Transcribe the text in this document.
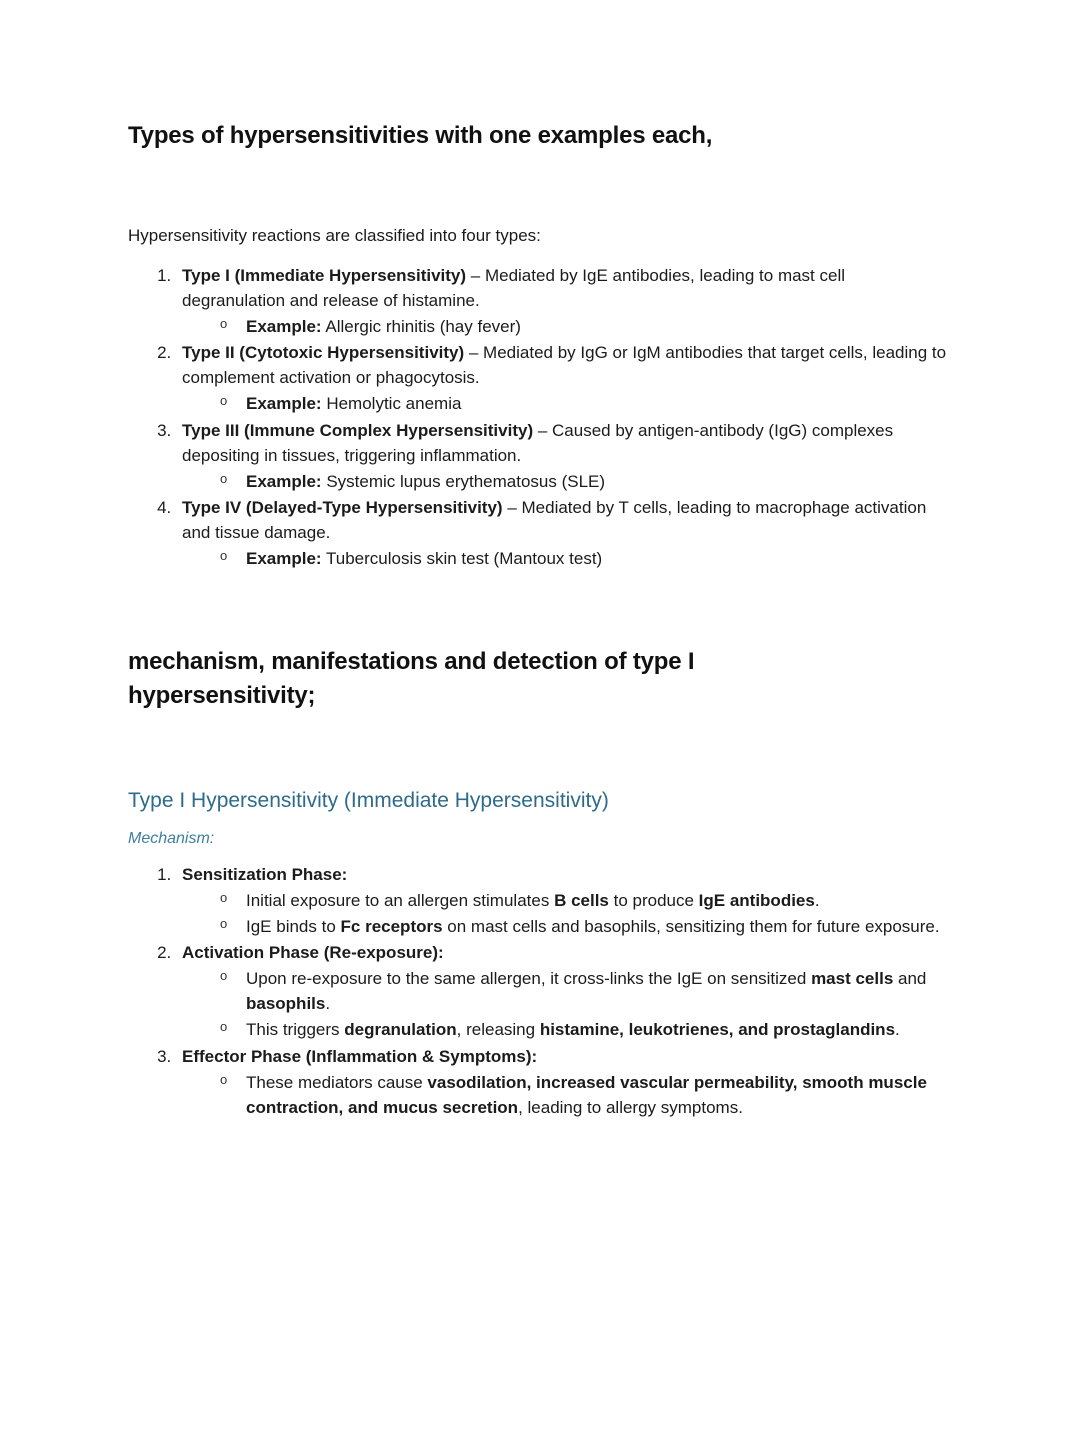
Types of hypersensitivities with one examples each,

Hypersensitivity reactions are classified into four types:

1. Type I (Immediate Hypersensitivity) – Mediated by IgE antibodies, leading to mast cell degranulation and release of histamine.
o Example: Allergic rhinitis (hay fever)
2. Type II (Cytotoxic Hypersensitivity) – Mediated by IgG or IgM antibodies that target cells, leading to complement activation or phagocytosis.
o Example: Hemolytic anemia
3. Type III (Immune Complex Hypersensitivity) – Caused by antigen-antibody (IgG) complexes depositing in tissues, triggering inflammation.
o Example: Systemic lupus erythematosus (SLE)
4. Type IV (Delayed-Type Hypersensitivity) – Mediated by T cells, leading to macrophage activation and tissue damage.
o Example: Tuberculosis skin test (Mantoux test)
mechanism, manifestations and detection of type I hypersensitivity;
Type I Hypersensitivity (Immediate Hypersensitivity)
Mechanism:
1. Sensitization Phase:
o Initial exposure to an allergen stimulates B cells to produce IgE antibodies.
o IgE binds to Fc receptors on mast cells and basophils, sensitizing them for future exposure.
2. Activation Phase (Re-exposure):
o Upon re-exposure to the same allergen, it cross-links the IgE on sensitized mast cells and basophils.
o This triggers degranulation, releasing histamine, leukotrienes, and prostaglandins.
3. Effector Phase (Inflammation & Symptoms):
o These mediators cause vasodilation, increased vascular permeability, smooth muscle contraction, and mucus secretion, leading to allergy symptoms.
